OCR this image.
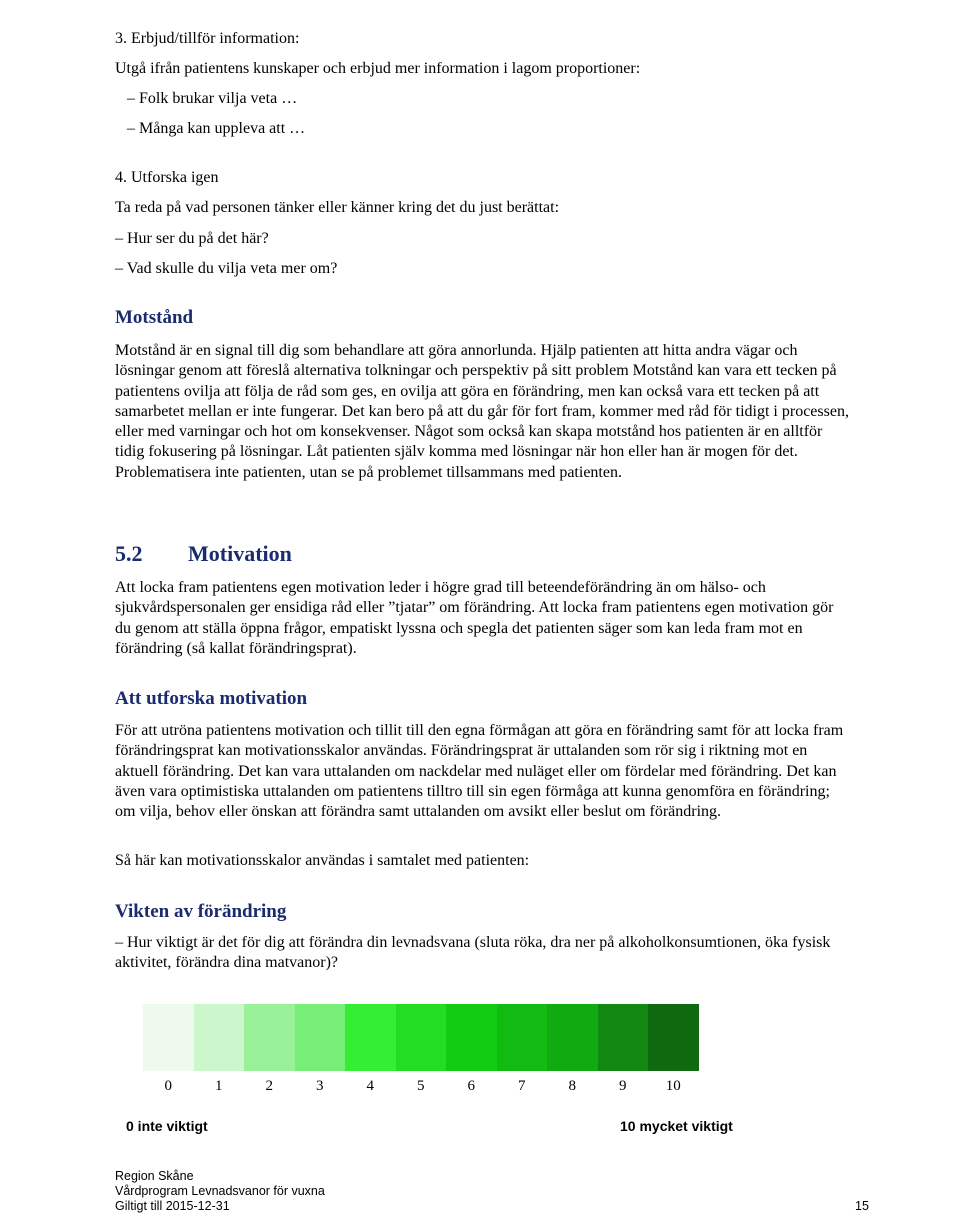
3. Erbjud/tillför information:
Utgå ifrån patientens kunskaper och erbjud mer information i lagom proportioner:
– Folk brukar vilja veta …
– Många kan uppleva att …
4. Utforska igen
Ta reda på vad personen tänker eller känner kring det du just berättat:
– Hur ser du på det här?
– Vad skulle du vilja veta mer om?
Motstånd
Motstånd är en signal till dig som behandlare att göra annorlunda. Hjälp patienten att hitta andra vägar och lösningar genom att föreslå alternativa tolkningar och perspektiv på sitt problem Motstånd kan vara ett tecken på patientens ovilja att följa de råd som ges, en ovilja att göra en förändring, men kan också vara ett tecken på att samarbetet mellan er inte fungerar. Det kan bero på att du går för fort fram, kommer med råd för tidigt i processen, eller med varningar och hot om konsekvenser. Något som också kan skapa motstånd hos patienten är en alltför tidig fokusering på lösningar. Låt patienten själv komma med lösningar när hon eller han är mogen för det. Problematisera inte patienten, utan se på problemet tillsammans med patienten.
5.2 Motivation
Att locka fram patientens egen motivation leder i högre grad till beteendeförändring än om hälso- och sjukvårdspersonalen ger ensidiga råd eller ”tjatar” om förändring. Att locka fram patientens egen motivation gör du genom att ställa öppna frågor, empatiskt lyssna och spegla det patienten säger som kan leda fram mot en förändring (så kallat förändringsprat).
Att utforska motivation
För att utröna patientens motivation och tillit till den egna förmågan att göra en förändring samt för att locka fram förändringsprat kan motivationsskalor användas. Förändringsprat är uttalanden som rör sig i riktning mot en aktuell förändring. Det kan vara uttalanden om nackdelar med nuläget eller om fördelar med förändring. Det kan även vara optimistiska uttalanden om patientens tilltro till sin egen förmåga att kunna genomföra en förändring; om vilja, behov eller önskan att förändra samt uttalanden om avsikt eller beslut om förändring.
Så här kan motivationsskalor användas i samtalet med patienten:
Vikten av förändring
– Hur viktigt är det för dig att förändra din levnadsvana (sluta röka, dra ner på alkoholkonsumtionen, öka fysisk aktivitet, förändra dina matvanor)?
0	1	2	3	4	5	6	7	8	9	10
0 inte viktigt	10 mycket viktigt
Region Skåne
Vårdprogram Levnadsvanor för vuxna
Giltigt till 2015-12-31	15
